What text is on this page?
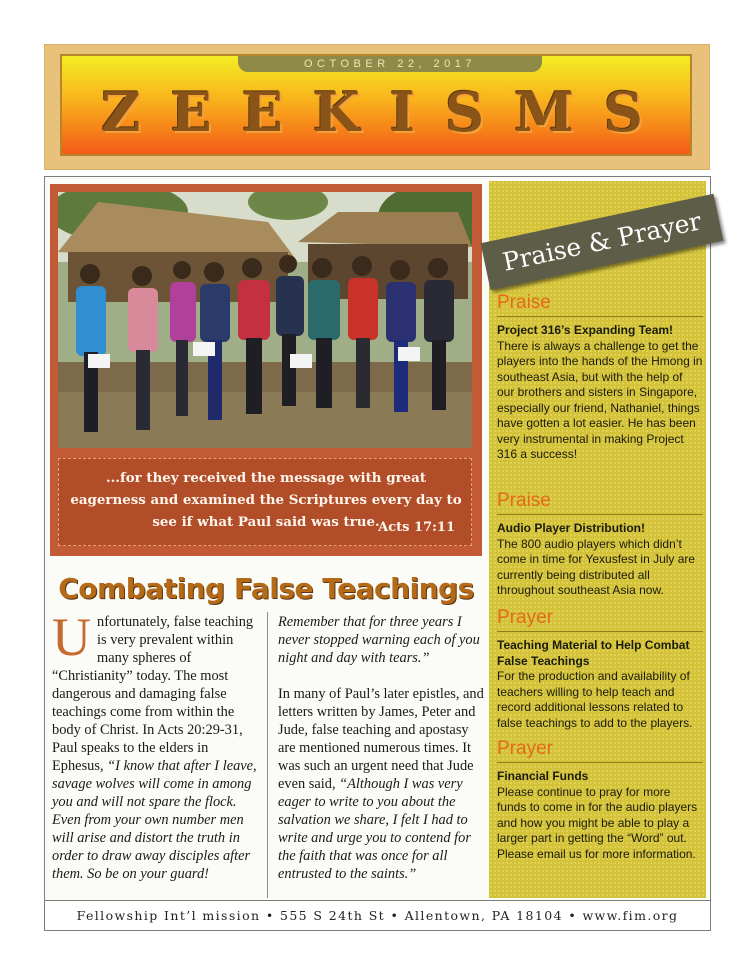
OCTOBER 22, 2017
ZEEKISMS
...for they received the message with great eagerness and examined the Scriptures every day to see if what Paul said was true.
Acts 17:11
Combating False Teachings

Unfortunately, false teaching is very prevalent within many spheres of “Christianity” today. The most dangerous and damaging false teachings come from within the body of Christ. In Acts 20:29-31, Paul speaks to the elders in Ephesus, “I know that after I leave, savage wolves will come in among you and will not spare the flock. Even from your own number men will arise and distort the truth in order to draw away disciples after them. So be on your guard!

Remember that for three years I never stopped warning each of you night and day with tears.”

In many of Paul’s later epistles, and letters written by James, Peter and Jude, false teaching and apostasy are mentioned numerous times. It was such an urgent need that Jude even said, “Although I was very eager to write to you about the salvation we share, I felt I had to write and urge you to contend for the faith that was once for all entrusted to the saints.”

Praise & Prayer
Praise
Project 316’s Expanding Team!
There is always a challenge to get the players into the hands of the Hmong in southeast Asia, but with the help of our brothers and sisters in Singapore, especially our friend, Nathaniel, things have gotten a lot easier. He has been very instrumental in making Project 316 a success!
Praise
Audio Player Distribution!
The 800 audio players which didn’t come in time for Yexusfest in July are currently being distributed all throughout southeast Asia now.
Prayer
Teaching Material to Help Combat False Teachings
For the production and availability of teachers willing to help teach and record additional lessons related to false teachings to add to the players.
Prayer
Financial Funds
Please continue to pray for more funds to come in for the audio players and how you might be able to play a larger part in getting the “Word” out. Please email us for more information.
Fellowship Int’l mission • 555 S 24th St • Allentown, PA 18104 • www.fim.org
